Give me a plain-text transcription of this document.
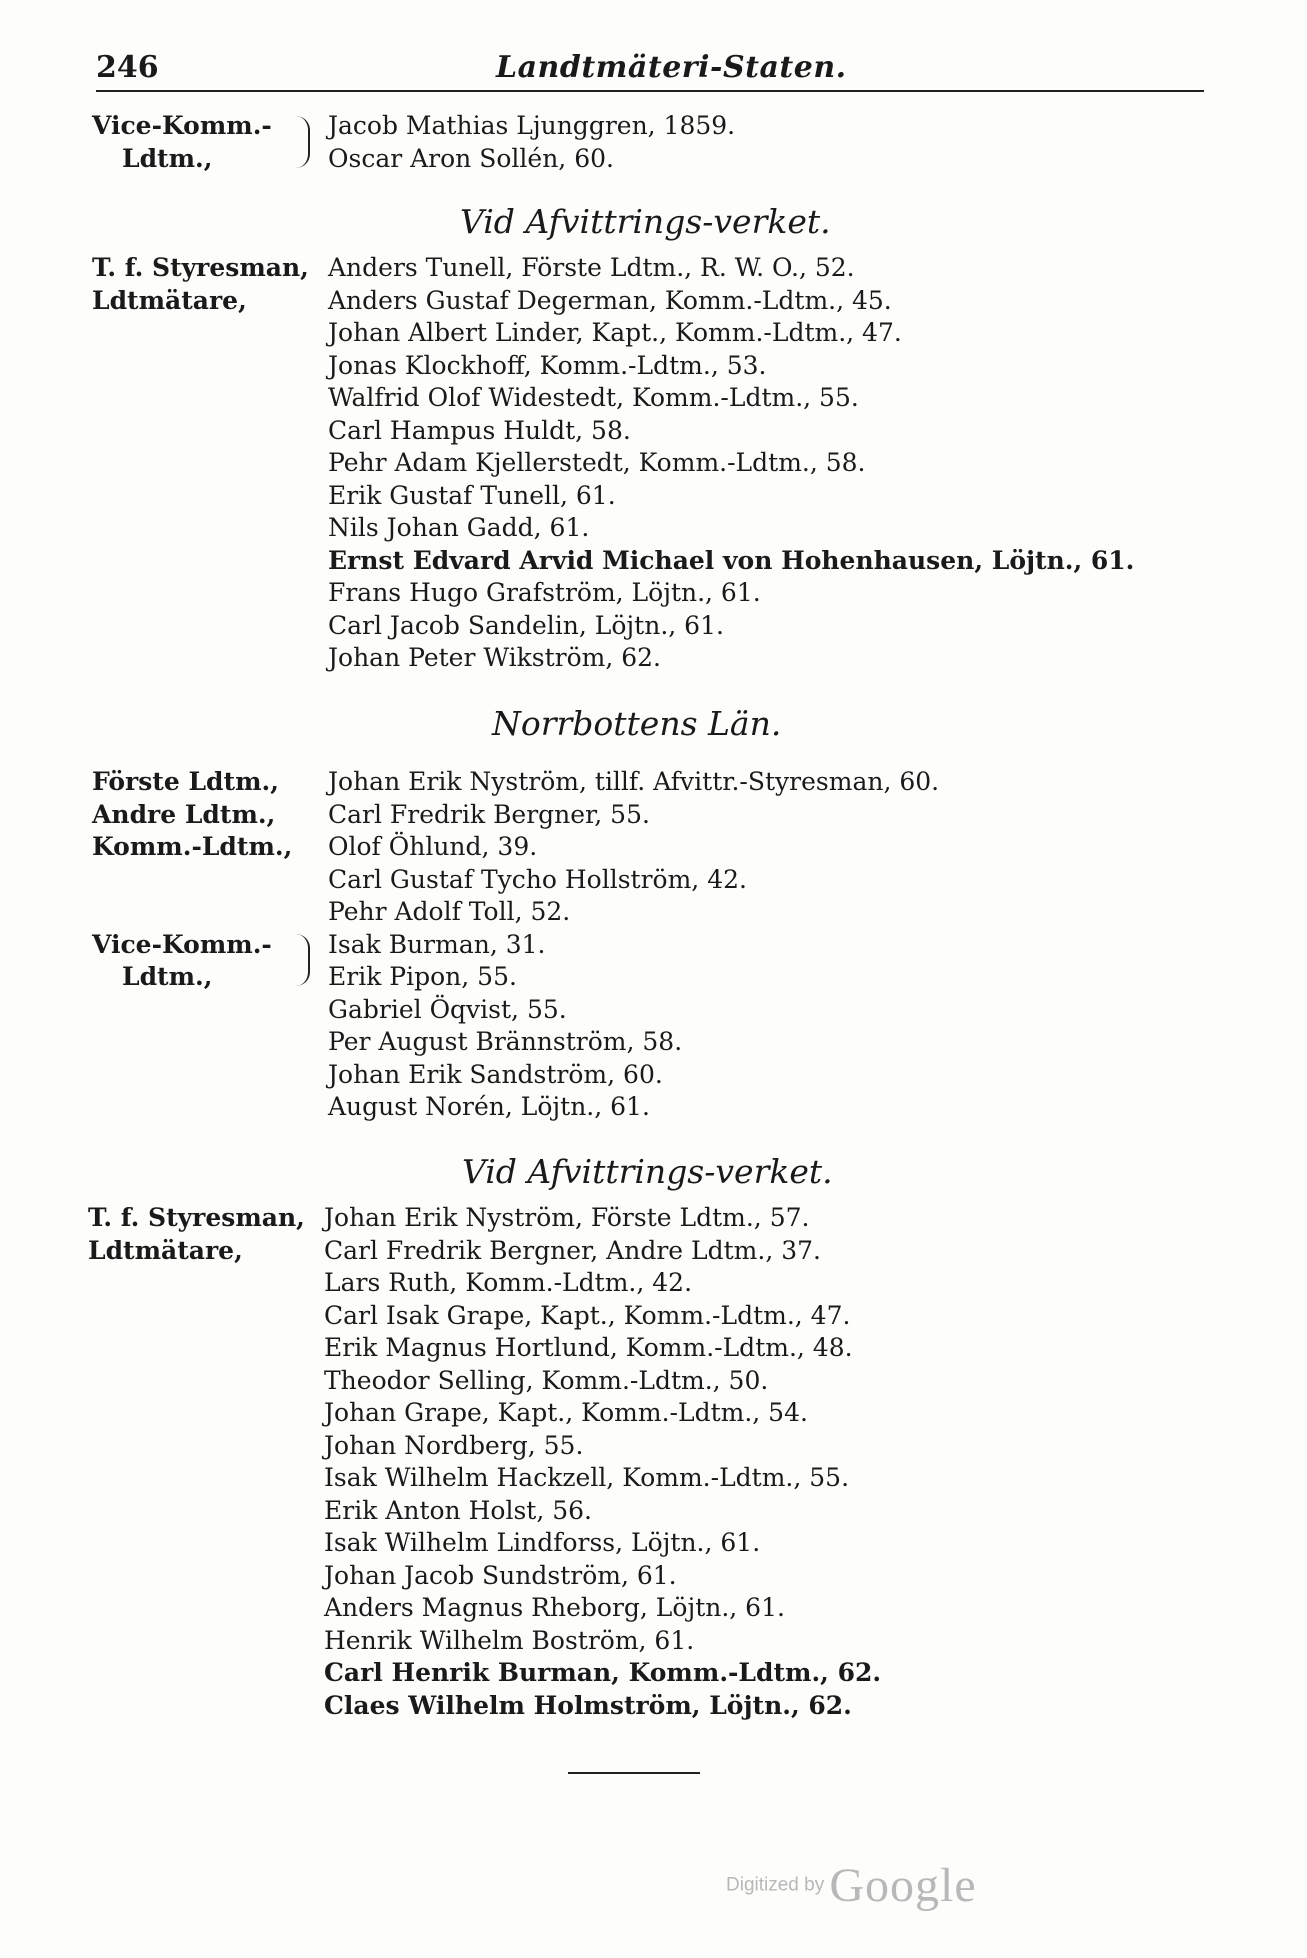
246	Landtmäteri-Staten.
Vice-Komm.- Jacob Mathias Ljunggren, 1859.
Ldtm.,	Oscar Aron Sollén, 60.
Vid Afvittrings-verket.
T. f. Styresman, Anders Tunell, Förste Ldtm., R. W. O., 52.
Ldtmätare,	Anders Gustaf Degerman, Komm.-Ldtm., 45.
Johan Albert Linder, Kapt., Komm.-Ldtm., 47.
Jonas Klockhoff, Komm.-Ldtm., 53.
Walfrid Olof Widestedt, Komm.-Ldtm., 55.
Carl Hampus Huldt, 58.
Pehr Adam Kjellerstedt, Komm.-Ldtm., 58.
Erik Gustaf Tunell, 61.
Nils Johan Gadd, 61.
Ernst Edvard Arvid Michael von Hohenhausen, Löjtn., 61.
Frans Hugo Grafström, Löjtn., 61.
Carl Jacob Sandelin, Löjtn., 61.
Johan Peter Wikström, 62.
Norrbottens Län.
Förste Ldtm., Johan Erik Nyström, tillf. Afvittr.-Styresman, 60.
Andre Ldtm., Carl Fredrik Bergner, 55.
Komm.-Ldtm., Olof Öhlund, 39.
Carl Gustaf Tycho Hollström, 42.
Pehr Adolf Toll, 52.
Vice-Komm.- Isak Burman, 31.
Ldtm.,	Erik Pipon, 55.
Gabriel Öqvist, 55.
Per August Brännström, 58.
Johan Erik Sandström, 60.
August Norén, Löjtn., 61.
Vid Afvittrings-verket.
T. f. Styresman, Johan Erik Nyström, Förste Ldtm., 57.
Ldtmätare,	Carl Fredrik Bergner, Andre Ldtm., 37.
Lars Ruth, Komm.-Ldtm., 42.
Carl Isak Grape, Kapt., Komm.-Ldtm., 47.
Erik Magnus Hortlund, Komm.-Ldtm., 48.
Theodor Selling, Komm.-Ldtm., 50.
Johan Grape, Kapt., Komm.-Ldtm., 54.
Johan Nordberg, 55.
Isak Wilhelm Hackzell, Komm.-Ldtm., 55.
Erik Anton Holst, 56.
Isak Wilhelm Lindforss, Löjtn., 61.
Johan Jacob Sundström, 61.
Anders Magnus Rheborg, Löjtn., 61.
Henrik Wilhelm Boström, 61.
Carl Henrik Burman, Komm.-Ldtm., 62.
Claes Wilhelm Holmström, Löjtn., 62.
Digitized by Google
